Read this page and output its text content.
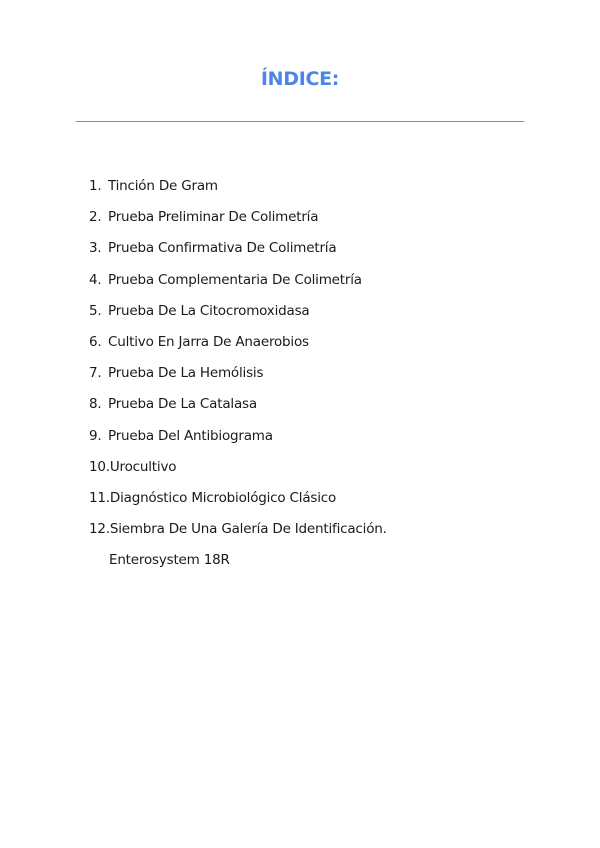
ÍNDICE:
1. Tinción De Gram
2. Prueba Preliminar De Colimetría
3. Prueba Confirmativa De Colimetría
4. Prueba Complementaria De Colimetría
5. Prueba De La Citocromoxidasa
6. Cultivo En Jarra De Anaerobios
7. Prueba De La Hemólisis
8. Prueba De La Catalasa
9. Prueba Del Antibiograma
10. Urocultivo
11. Diagnóstico Microbiológico Clásico
12. Siembra De Una Galería De Identificación.
Enterosystem 18R
